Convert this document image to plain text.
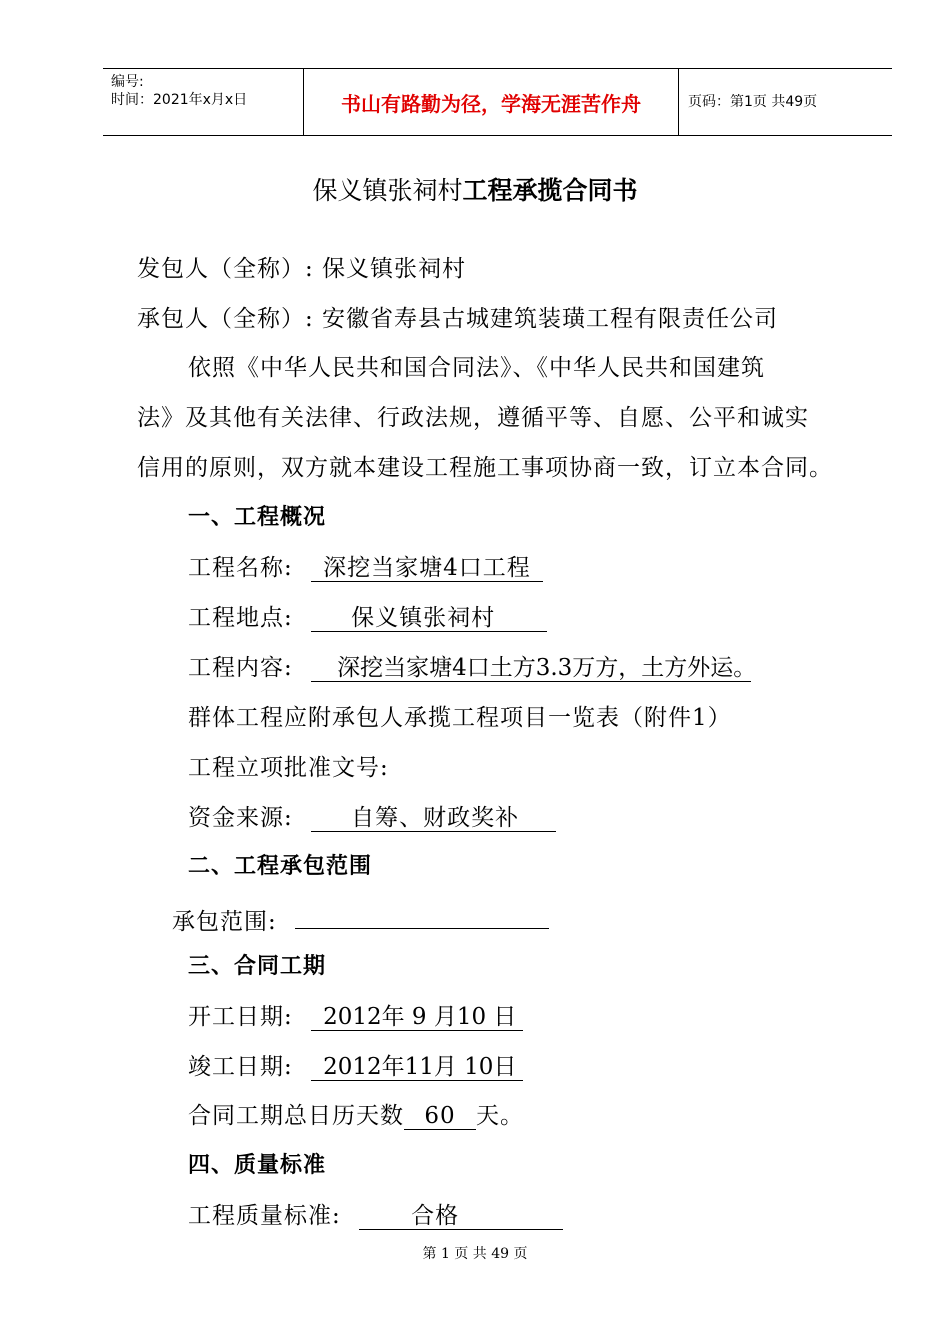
编号:
时间：2021年x月x日	书山有路勤为径，学海无涯苦作舟	页码：第1页 共49页
保义镇张祠村工程承揽合同书
发包人（全称）: 保义镇张祠村
承包人（全称）: 安徽省寿县古城建筑装璜工程有限责任公司
依照《中华人民共和国合同法》、《中华人民共和国建筑
法》及其他有关法律、行政法规，遵循平等、自愿、公平和诚实
信用的原则，双方就本建设工程施工事项协商一致，订立本合同。
一、工程概况
工程名称: 深挖当家塘4口工程
工程地点:	保义镇张祠村
工程内容: 深挖当家塘4口土方3.3万方，土方外运。
群体工程应附承包人承揽工程项目一览表（附件1）
工程立项批准文号:
资金来源:	自筹、财政奖补
二、工程承包范围
承包范围:
三、合同工期
开工日期: 2012年 9 月10 日
竣工日期: 2012年11月 10日
合同工期总日历天数 60 天。
四、质量标准
工程质量标准:	合格
第 1 页 共 49 页
